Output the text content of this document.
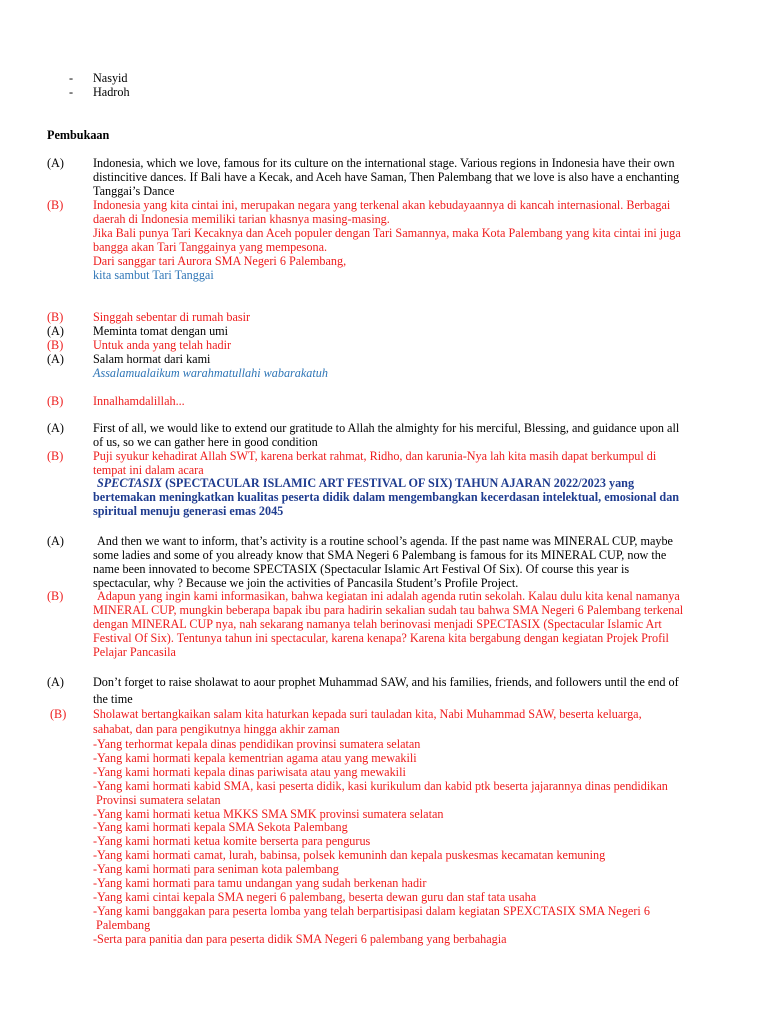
- Nasyid
- Hadroh
Pembukaan
(A) Indonesia, which we love, famous for its culture on the international stage. Various regions in Indonesia have their own
distincitive dances. If Bali have a Kecak, and Aceh have Saman, Then Palembang that we love is also have a enchanting
Tanggai’s Dance
(B) Indonesia yang kita cintai ini, merupakan negara yang terkenal akan kebudayaannya di kancah internasional. Berbagai
daerah di Indonesia memiliki tarian khasnya masing-masing.
Jika Bali punya Tari Kecaknya dan Aceh populer dengan Tari Samannya, maka Kota Palembang yang kita cintai ini juga
bangga akan Tari Tanggainya yang mempesona.
Dari sanggar tari Aurora SMA Negeri 6 Palembang,
kita sambut Tari Tanggai
(B) Singgah sebentar di rumah basir
(A) Meminta tomat dengan umi
(B) Untuk anda yang telah hadir
(A) Salam hormat dari kami
Assalamualaikum warahmatullahi wabarakatuh
(B) Innalhamdalillah...
(A) First of all, we would like to extend our gratitude to Allah the almighty for his merciful, Blessing, and guidance upon all
of us, so we can gather here in good condition
(B) Puji syukur kehadirat Allah SWT, karena berkat rahmat, Ridho, dan karunia-Nya lah kita masih dapat berkumpul di
tempat ini dalam acara
SPECTASIX (SPECTACULAR ISLAMIC ART FESTIVAL OF SIX) TAHUN AJARAN 2022/2023 yang
bertemakan meningkatkan kualitas peserta didik dalam mengembangkan kecerdasan intelektual, emosional dan
spiritual menuju generasi emas 2045
(A)	And then we want to inform, that’s activity is a routine school’s agenda. If the past name was MINERAL CUP, maybe
some ladies and some of you already know that SMA Negeri 6 Palembang is famous for its MINERAL CUP, now the
name been innovated to become SPECTASIX (Spectacular Islamic Art Festival Of Six). Of course this year is
spectacular, why ? Because we join the activities of Pancasila Student’s Profile Project.
(B)	Adapun yang ingin kami informasikan, bahwa kegiatan ini adalah agenda rutin sekolah. Kalau dulu kita kenal namanya
MINERAL CUP, mungkin beberapa bapak ibu para hadirin sekalian sudah tau bahwa SMA Negeri 6 Palembang terkenal
dengan MINERAL CUP nya, nah sekarang namanya telah berinovasi menjadi SPECTASIX (Spectacular Islamic Art
Festival Of Six). Tentunya tahun ini spectacular, karena kenapa? Karena kita bergabung dengan kegiatan Projek Profil
Pelajar Pancasila
(A) Don’t forget to raise sholawat to aour prophet Muhammad SAW, and his families, friends, and followers until the end of
the time
(B) Sholawat bertangkaikan salam kita haturkan kepada suri tauladan kita, Nabi Muhammad SAW, beserta keluarga,
sahabat, dan para pengikutnya hingga akhir zaman
-Yang terhormat kepala dinas pendidikan provinsi sumatera selatan
-Yang kami hormati kepala kementrian agama atau yang mewakili
-Yang kami hormati kepala dinas pariwisata atau yang mewakili
-Yang kami hormati kabid SMA, kasi peserta didik, kasi kurikulum dan kabid ptk beserta jajarannya dinas pendidikan
Provinsi sumatera selatan
-Yang kami hormati ketua MKKS SMA SMK provinsi sumatera selatan
-Yang kami hormati kepala SMA Sekota Palembang
-Yang kami hormati ketua komite berserta para pengurus
-Yang kami hormati camat, lurah, babinsa, polsek kemuninh dan kepala puskesmas kecamatan kemuning
-Yang kami hormati para seniman kota palembang
-Yang kami hormati para tamu undangan yang sudah berkenan hadir
-Yang kami cintai kepala SMA negeri 6 palembang, beserta dewan guru dan staf tata usaha
-Yang kami banggakan para peserta lomba yang telah berpartisipasi dalam kegiatan SPEXCTASIX SMA Negeri 6
Palembang
-Serta para panitia dan para peserta didik SMA Negeri 6 palembang yang berbahagia
